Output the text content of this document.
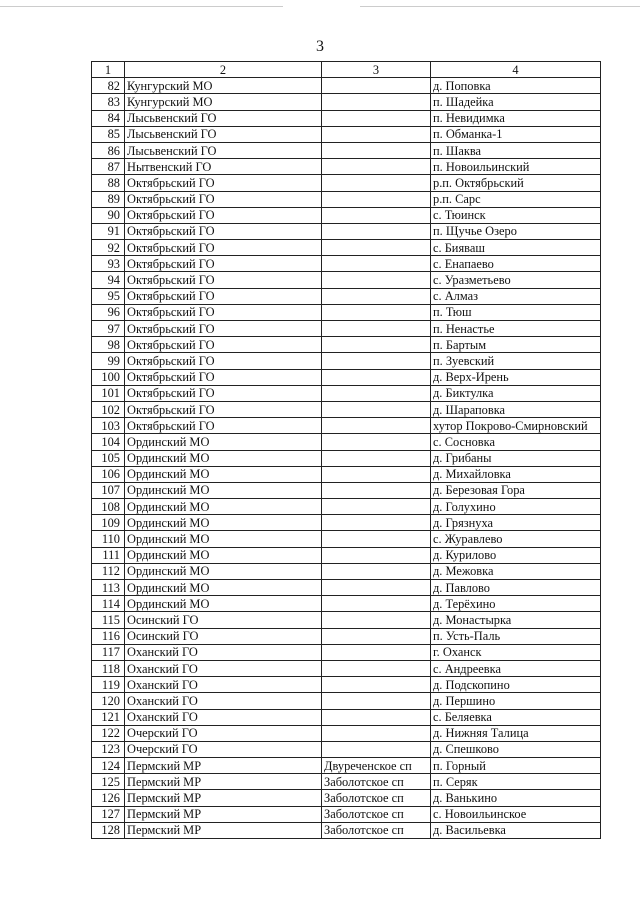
3
1	2	3	4
82	Кунгурский МО		д. Поповка
83	Кунгурский МО		п. Шадейка
84	Лысьвенский ГО		п. Невидимка
85	Лысьвенский ГО		п. Обманка-1
86	Лысьвенский ГО		п. Шаква
87	Нытвенский ГО		п. Новоильинский
88	Октябрьский ГО		р.п. Октябрьский
89	Октябрьский ГО		р.п. Сарс
90	Октябрьский ГО		с. Тюинск
91	Октябрьский ГО		п. Щучье Озеро
92	Октябрьский ГО		с. Бияваш
93	Октябрьский ГО		с. Енапаево
94	Октябрьский ГО		с. Уразметьево
95	Октябрьский ГО		с. Алмаз
96	Октябрьский ГО		п. Тюш
97	Октябрьский ГО		п. Ненастье
98	Октябрьский ГО		п. Бартым
99	Октябрьский ГО		п. Зуевский
100	Октябрьский ГО		д. Верх-Ирень
101	Октябрьский ГО		д. Биктулка
102	Октябрьский ГО		д. Шараповка
103	Октябрьский ГО		хутор Покрово-Смирновский
104	Ординский МО		с. Сосновка
105	Ординский МО		д. Грибаны
106	Ординский МО		д. Михайловка
107	Ординский МО		д. Березовая Гора
108	Ординский МО		д. Голухино
109	Ординский МО		д. Грязнуха
110	Ординский МО		с. Журавлево
111	Ординский МО		д. Курилово
112	Ординский МО		д. Межовка
113	Ординский МО		д. Павлово
114	Ординский МО		д. Терёхино
115	Осинский ГО		д. Монастырка
116	Осинский ГО		п. Усть-Паль
117	Оханский ГО		г. Оханск
118	Оханский ГО		с. Андреевка
119	Оханский ГО		д. Подскопино
120	Оханский ГО		д. Першино
121	Оханский ГО		с. Беляевка
122	Очерский ГО		д. Нижняя Талица
123	Очерский ГО		д. Спешково
124	Пермский МР	Двуреченское сп	п. Горный
125	Пермский МР	Заболотское сп	п. Серяк
126	Пермский МР	Заболотское сп	д. Ванькино
127	Пермский МР	Заболотское сп	с. Новоильинское
128	Пермский МР	Заболотское сп	д. Васильевка
